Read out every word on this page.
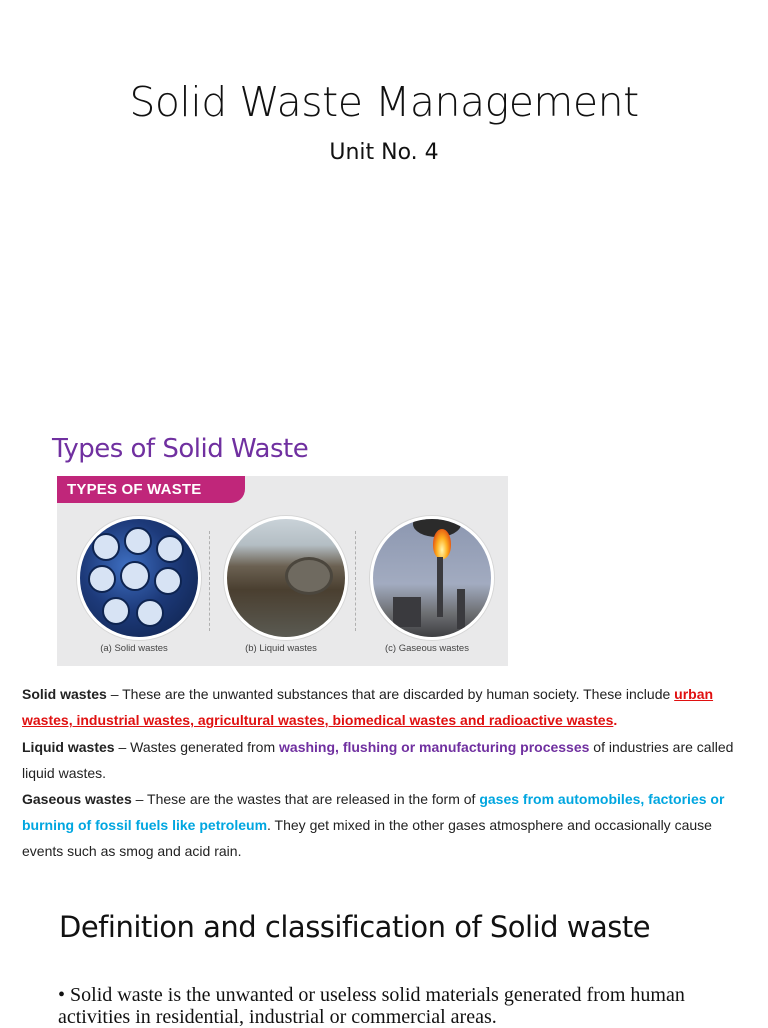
Solid Waste Management
Unit No. 4
Types of Solid Waste
TYPES OF WASTE
(a) Solid wastes	(b) Liquid wastes	(c) Gaseous wastes
Solid wastes – These are the unwanted substances that are discarded by human society. These include urban wastes, industrial wastes, agricultural wastes, biomedical wastes and radioactive wastes.
Liquid wastes – Wastes generated from washing, flushing or manufacturing processes of industries are called liquid wastes.
Gaseous wastes – These are the wastes that are released in the form of gases from automobiles, factories or burning of fossil fuels like petroleum. They get mixed in the other gases atmosphere and occasionally cause events such as smog and acid rain.
Definition and classification of Solid waste
• Solid waste is the unwanted or useless solid materials generated from human activities in residential, industrial or commercial areas.
